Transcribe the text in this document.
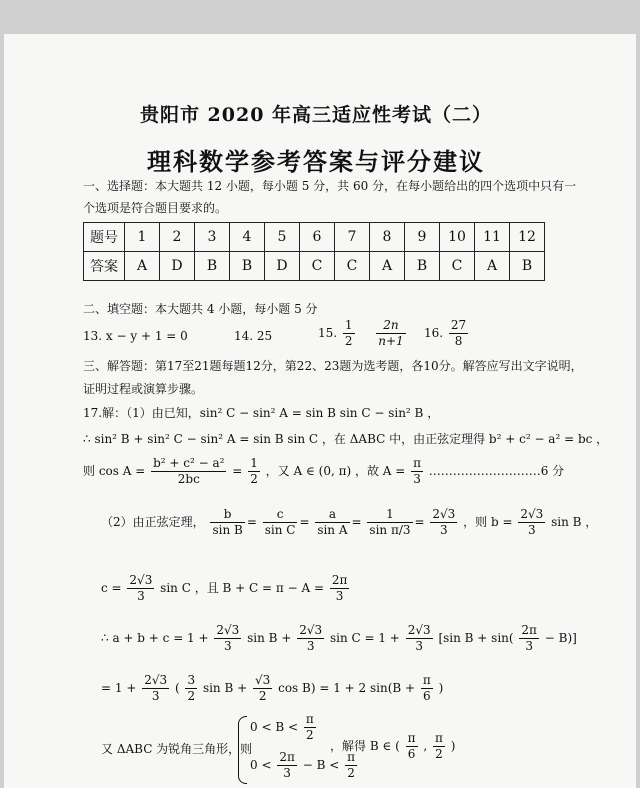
贵阳市 2020 年高三适应性考试（二）
理科数学参考答案与评分建议
一、选择题：本大题共 12 小题，每小题 5 分，共 60 分，在每小题给出的四个选项中只有一
个选项是符合题目要求的。
题号	1	2	3	4	5	6	7	8	9	10	11	12
答案	A	D	B	B	D	C	C	A	B	C	A	B
二、填空题：本大题共 4 小题，每小题 5 分
13. x − y + 1 = 0	14. 25	15. $\frac{1}{2}$
$\frac{2n}{n+1} 16$. $\frac{27}{8}$
三、解答题：第17至21题每题12分，第22、23题为选考题，各10分。解答应写出文字说明，
证明过程或演算步骤。
17.解：（1）由已知，sin² C − sin² A = sin B sin C − sin² B ，
∴ sin² B + sin² C − sin² A = sin B sin C ，在 ΔABC 中，由正弦定理得 b² + c² − a² = bc ，
则 $\cos A = \frac{\text{b² + c² − a²}}{2bc} = \frac{1}{2}$ ，又 A ∈ (0, π) ，故 $A = \frac{\pi}{3}$ .………………………6 分
（2）由正弦定理， $\frac{b}{\text{sin B}} = \frac{c}{\text{sin C}} = \frac{a}{\text{sin A}} = \frac{1}{\text{sin π/3}} = \frac{2√3}{3}$ ，则 $b = \frac{2√3}{3}$ sin B ，
$c = \frac{2√3}{3}$ sin C ，且 $B + C = \pi - A = \frac{2\pi}{3}$
∴ $a + b + c = 1 + \frac{2√3}{3}$ $\sin B + \frac{2√3}{3}$ $\sin C = 1 + \frac{2√3}{3} [\sin$ $B + \sin( \frac{2\pi}{3} - B)$]
= $1 + \frac{2√3}{3}$ ( $\frac{3}{2}$ $\sin B + \frac{√3}{2}$ cos B) = 1 + 2 $\sin(B + \frac{\pi}{6}$ )
又 ΔABC 为锐角三角形，则
$0 < B < \frac{\pi}{2}$
$0 < \frac{2\pi}{3} - B < \frac{\pi}{2}$
，解得 B ∈ ( $\frac{\pi}{6}$ , $\frac{\pi}{2}$ )
